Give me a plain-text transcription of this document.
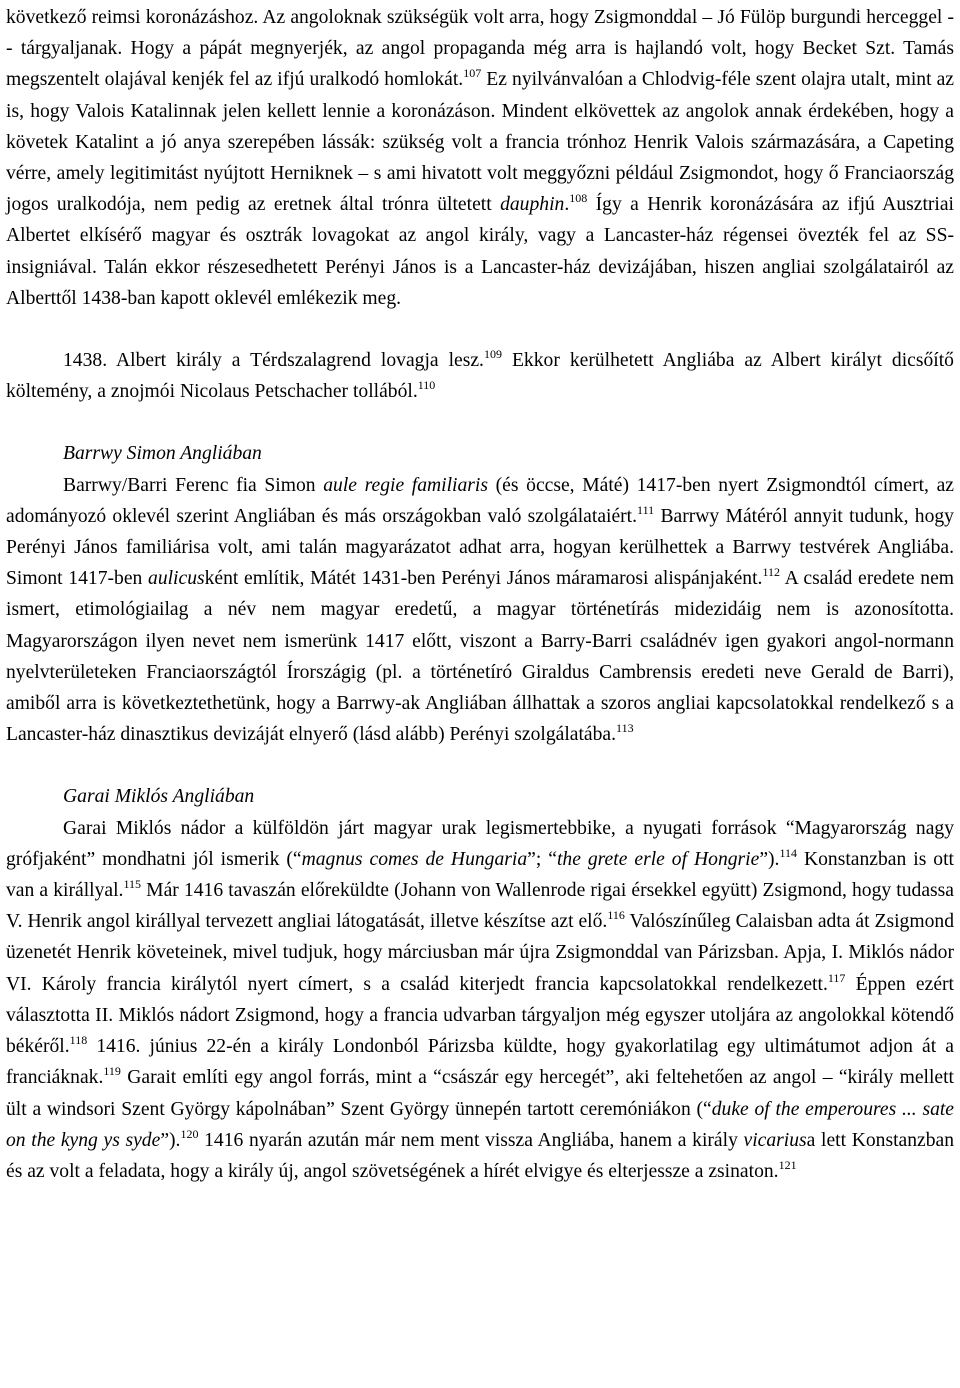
következő reimsi koronázáshoz. Az angoloknak szükségük volt arra, hogy Zsigmonddal – Jó Fülöp burgundi herceggel -- tárgyaljanak. Hogy a pápát megnyerjék, az angol propaganda még arra is hajlandó volt, hogy Becket Szt. Tamás megszentelt olajával kenjék fel az ifjú uralkodó homlokát.$^{107}$ Ez nyilvánvalóan a Chlodvig-féle szent olajra utalt, mint az is, hogy Valois Katalinnak jelen kellett lennie a koronázáson. Mindent elkövettek az angolok annak érdekében, hogy a követek Katalint a jó anya szerepében lássák: szükség volt a francia trónhoz Henrik Valois származására, a Capeting vérre, amely legitimitást nyújtott Herniknek – s ami hivatott volt meggyőzni például Zsigmondot, hogy ő Franciaország jogos uralkodója, nem pedig az eretnek által trónra ültetett dauphin.$^{108}$ Így a Henrik koronázására az ifjú Ausztriai Albertet elkísérő magyar és osztrák lovagokat az angol király, vagy a Lancaster-ház régensei övezték fel az SS-insigniával. Talán ekkor részesedhetett Perényi János is a Lancaster-ház devizájában, hiszen angliai szolgálatairól az Alberttől 1438-ban kapott oklevél emlékezik meg.

1438. Albert király a Térdszalagrend lovagja lesz.$^{109}$ Ekkor kerülhetett Angliába az Albert királyt dicsőítő költemény, a znojmói Nicolaus Petschacher tollából.$^{110}$

Barrwy Simon Angliában

Barrwy/Barri Ferenc fia Simon aule regie familiaris (és öccse, Máté) 1417-ben nyert Zsigmondtól címert, az adományozó oklevél szerint Angliában és más országokban való szolgálataiért.$^{111}$ Barrwy Mátéról annyit tudunk, hogy Perényi János familiárisa volt, ami talán magyarázatot adhat arra, hogyan kerülhettek a Barrwy testvérek Angliába. Simont 1417-ben aulicusként említik, Mátét 1431-ben Perényi János máramarosi alispánjaként.$^{112}$ A család eredete nem ismert, etimológiailag a név nem magyar eredetű, a magyar történetírás midezidáig nem is azonosította. Magyarországon ilyen nevet nem ismerünk 1417 előtt, viszont a Barry-Barri családnév igen gyakori angol-normann nyelvterületeken Franciaországtól Írországig (pl. a történetíró Giraldus Cambrensis eredeti neve Gerald de Barri), amiből arra is következtethetünk, hogy a Barrwy-ak Angliában állhattak a szoros angliai kapcsolatokkal rendelkező s a Lancaster-ház dinasztikus devizáját elnyerő (lásd alább) Perényi szolgálatába.$^{113}$

Garai Miklós Angliában

Garai Miklós nádor a külföldön járt magyar urak legismertebbike, a nyugati források “Magyarország nagy grófjaként” mondhatni jól ismerik (“magnus comes de Hungaria”; “the grete erle of Hongrie”).$^{114}$ Konstanzban is ott van a királlyal.$^{115}$ Már 1416 tavaszán előreküldte (Johann von Wallenrode rigai érsekkel együtt) Zsigmond, hogy tudassa V. Henrik angol királlyal tervezett angliai látogatását, illetve készítse azt elő.$^{116}$ Valószínűleg Calaisban adta át Zsigmond üzenetét Henrik követeinek, mivel tudjuk, hogy márciusban már újra Zsigmonddal van Párizsban. Apja, I. Miklós nádor VI. Károly francia királytól nyert címert, s a család kiterjedt francia kapcsolatokkal rendelkezett.$^{117}$ Éppen ezért választotta II. Miklós nádort Zsigmond, hogy a francia udvarban tárgyaljon még egyszer utoljára az angolokkal kötendő békéről.$^{118}$ 1416. június 22-én a király Londonból Párizsba küldte, hogy gyakorlatilag egy ultimátumot adjon át a franciáknak.$^{119}$ Garait említi egy angol forrás, mint a “császár egy hercegét”, aki feltehetően az angol – “király mellett ült a windsori Szent György kápolnában” Szent György ünnepén tartott ceremóniákon (“duke of the emperoures ... sate on the kyng ys syde”).$^{120}$ 1416 nyarán azután már nem ment vissza Angliába, hanem a király vicariusa lett Konstanzban és az volt a feladata, hogy a király új, angol szövetségének a hírét elvigye és elterjessze a zsinaton.$^{121}$
